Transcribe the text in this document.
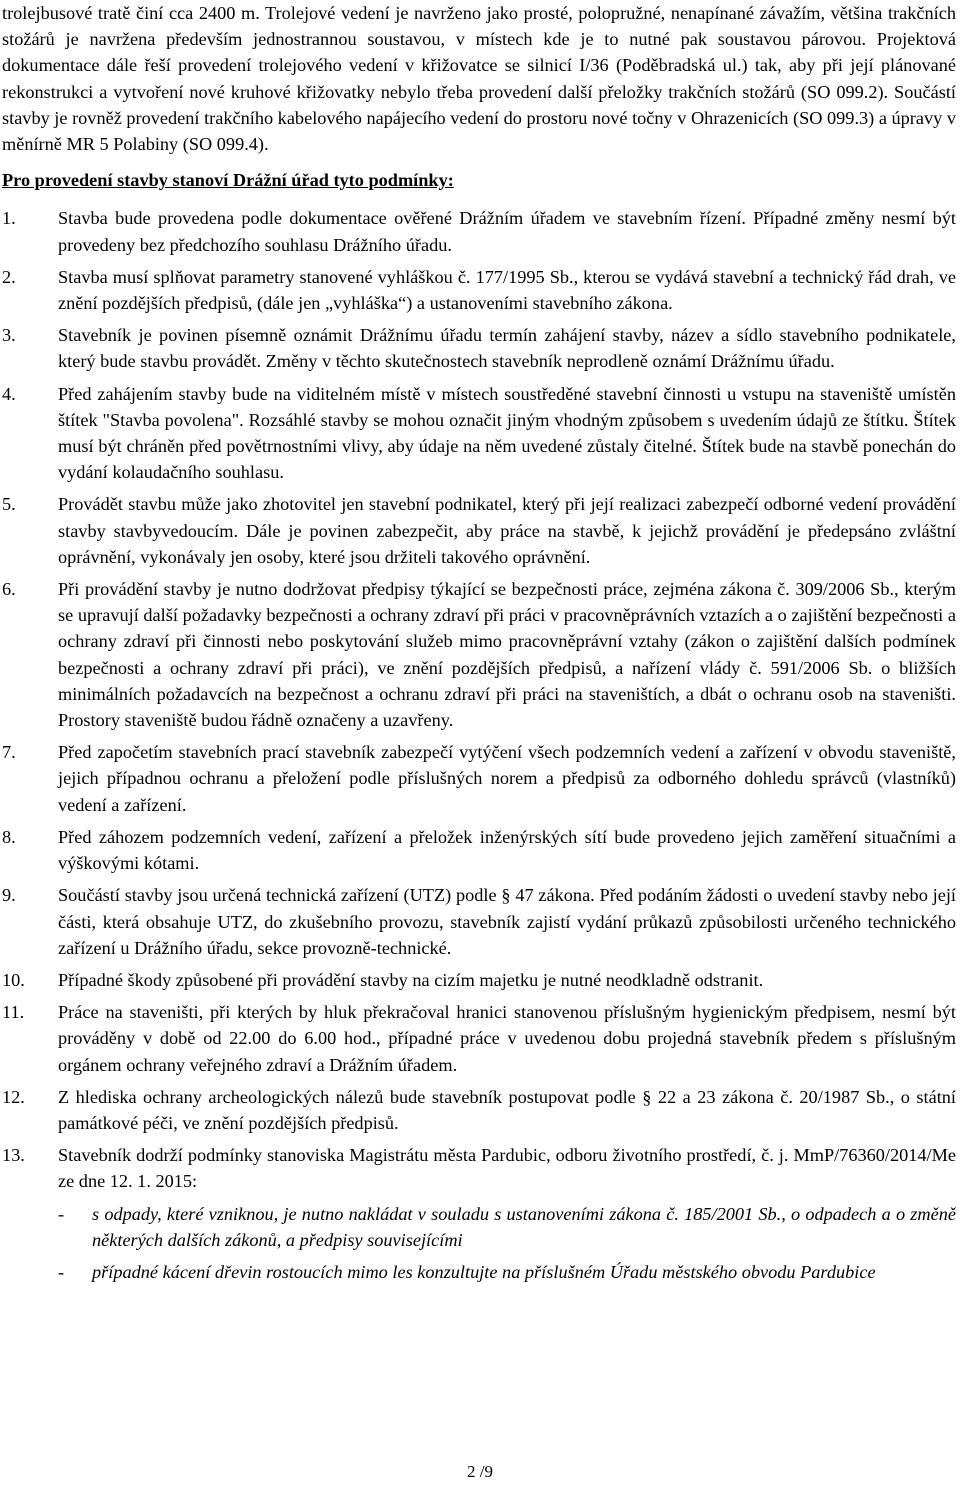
trolejbusové tratě činí cca 2400 m. Trolejové vedení je navrženo jako prosté, polopružné, nenapínané závažím, většina trakčních stožárů je navržena především jednostrannou soustavou, v místech kde je to nutné pak soustavou párovou. Projektová dokumentace dále řeší provedení trolejového vedení v křižovatce se silnicí I/36 (Poděbradská ul.) tak, aby při její plánované rekonstrukci a vytvoření nové kruhové křižovatky nebylo třeba provedení další přeložky trakčních stožárů (SO 099.2). Součástí stavby je rovněž provedení trakčního kabelového napájecího vedení do prostoru nové točny v Ohrazenicích (SO 099.3) a úpravy v měnírně MR 5 Polabiny (SO 099.4).

Pro provedení stavby stanoví Drážní úřad tyto podmínky:

1. Stavba bude provedena podle dokumentace ověřené Drážním úřadem ve stavebním řízení. Případné změny nesmí být provedeny bez předchozího souhlasu Drážního úřadu.
2. Stavba musí splňovat parametry stanovené vyhláškou č. 177/1995 Sb., kterou se vydává stavební a technický řád drah, ve znění pozdějších předpisů, (dále jen „vyhláška“) a ustanoveními stavebního zákona.
3. Stavebník je povinen písemně oznámit Drážnímu úřadu termín zahájení stavby, název a sídlo stavebního podnikatele, který bude stavbu provádět. Změny v těchto skutečnostech stavebník neprodleně oznámí Drážnímu úřadu.
4. Před zahájením stavby bude na viditelném místě v místech soustředěné stavební činnosti u vstupu na staveniště umístěn štítek "Stavba povolena". Rozsáhlé stavby se mohou označit jiným vhodným způsobem s uvedením údajů ze štítku. Štítek musí být chráněn před povětrnostními vlivy, aby údaje na něm uvedené zůstaly čitelné. Štítek bude na stavbě ponechán do vydání kolaudačního souhlasu.
5. Provádět stavbu může jako zhotovitel jen stavební podnikatel, který při její realizaci zabezpečí odborné vedení provádění stavby stavbyvedoucím. Dále je povinen zabezpečit, aby práce na stavbě, k jejichž provádění je předepsáno zvláštní oprávnění, vykonávaly jen osoby, které jsou držiteli takového oprávnění.
6. Při provádění stavby je nutno dodržovat předpisy týkající se bezpečnosti práce, zejména zákona č. 309/2006 Sb., kterým se upravují další požadavky bezpečnosti a ochrany zdraví při práci v pracovněprávních vztazích a o zajištění bezpečnosti a ochrany zdraví při činnosti nebo poskytování služeb mimo pracovněprávní vztahy (zákon o zajištění dalších podmínek bezpečnosti a ochrany zdraví při práci), ve znění pozdějších předpisů, a nařízení vlády č. 591/2006 Sb. o bližších minimálních požadavcích na bezpečnost a ochranu zdraví při práci na staveništích, a dbát o ochranu osob na staveništi. Prostory staveniště budou řádně označeny a uzavřeny.
7. Před započetím stavebních prací stavebník zabezpečí vytýčení všech podzemních vedení a zařízení v obvodu staveniště, jejich případnou ochranu a přeložení podle příslušných norem a předpisů za odborného dohledu správců (vlastníků) vedení a zařízení.
8. Před záhozem podzemních vedení, zařízení a přeložek inženýrských sítí bude provedeno jejich zaměření situačními a výškovými kótami.
9. Součástí stavby jsou určená technická zařízení (UTZ) podle § 47 zákona. Před podáním žádosti o uvedení stavby nebo její části, která obsahuje UTZ, do zkušebního provozu, stavebník zajistí vydání průkazů způsobilosti určeného technického zařízení u Drážního úřadu, sekce provozně-technické.
10. Případné škody způsobené při provádění stavby na cizím majetku je nutné neodkladně odstranit.
11. Práce na staveništi, při kterých by hluk překračoval hranici stanovenou příslušným hygienickým předpisem, nesmí být prováděny v době od 22.00 do 6.00 hod., případné práce v uvedenou dobu projedná stavebník předem s příslušným orgánem ochrany veřejného zdraví a Drážním úřadem.
12. Z hlediska ochrany archeologických nálezů bude stavebník postupovat podle § 22 a 23 zákona č. 20/1987 Sb., o státní památkové péči, ve znění pozdějších předpisů.
13. Stavebník dodrží podmínky stanoviska Magistrátu města Pardubic, odboru životního prostředí, č. j. MmP/76360/2014/Me ze dne 12. 1. 2015:
- s odpady, které vzniknou, je nutno nakládat v souladu s ustanoveními zákona č. 185/2001 Sb., o odpadech a o změně některých dalších zákonů, a předpisy souvisejícími
- případné kácení dřevin rostoucích mimo les konzultujte na příslušném Úřadu městského obvodu Pardubice
2 /9
